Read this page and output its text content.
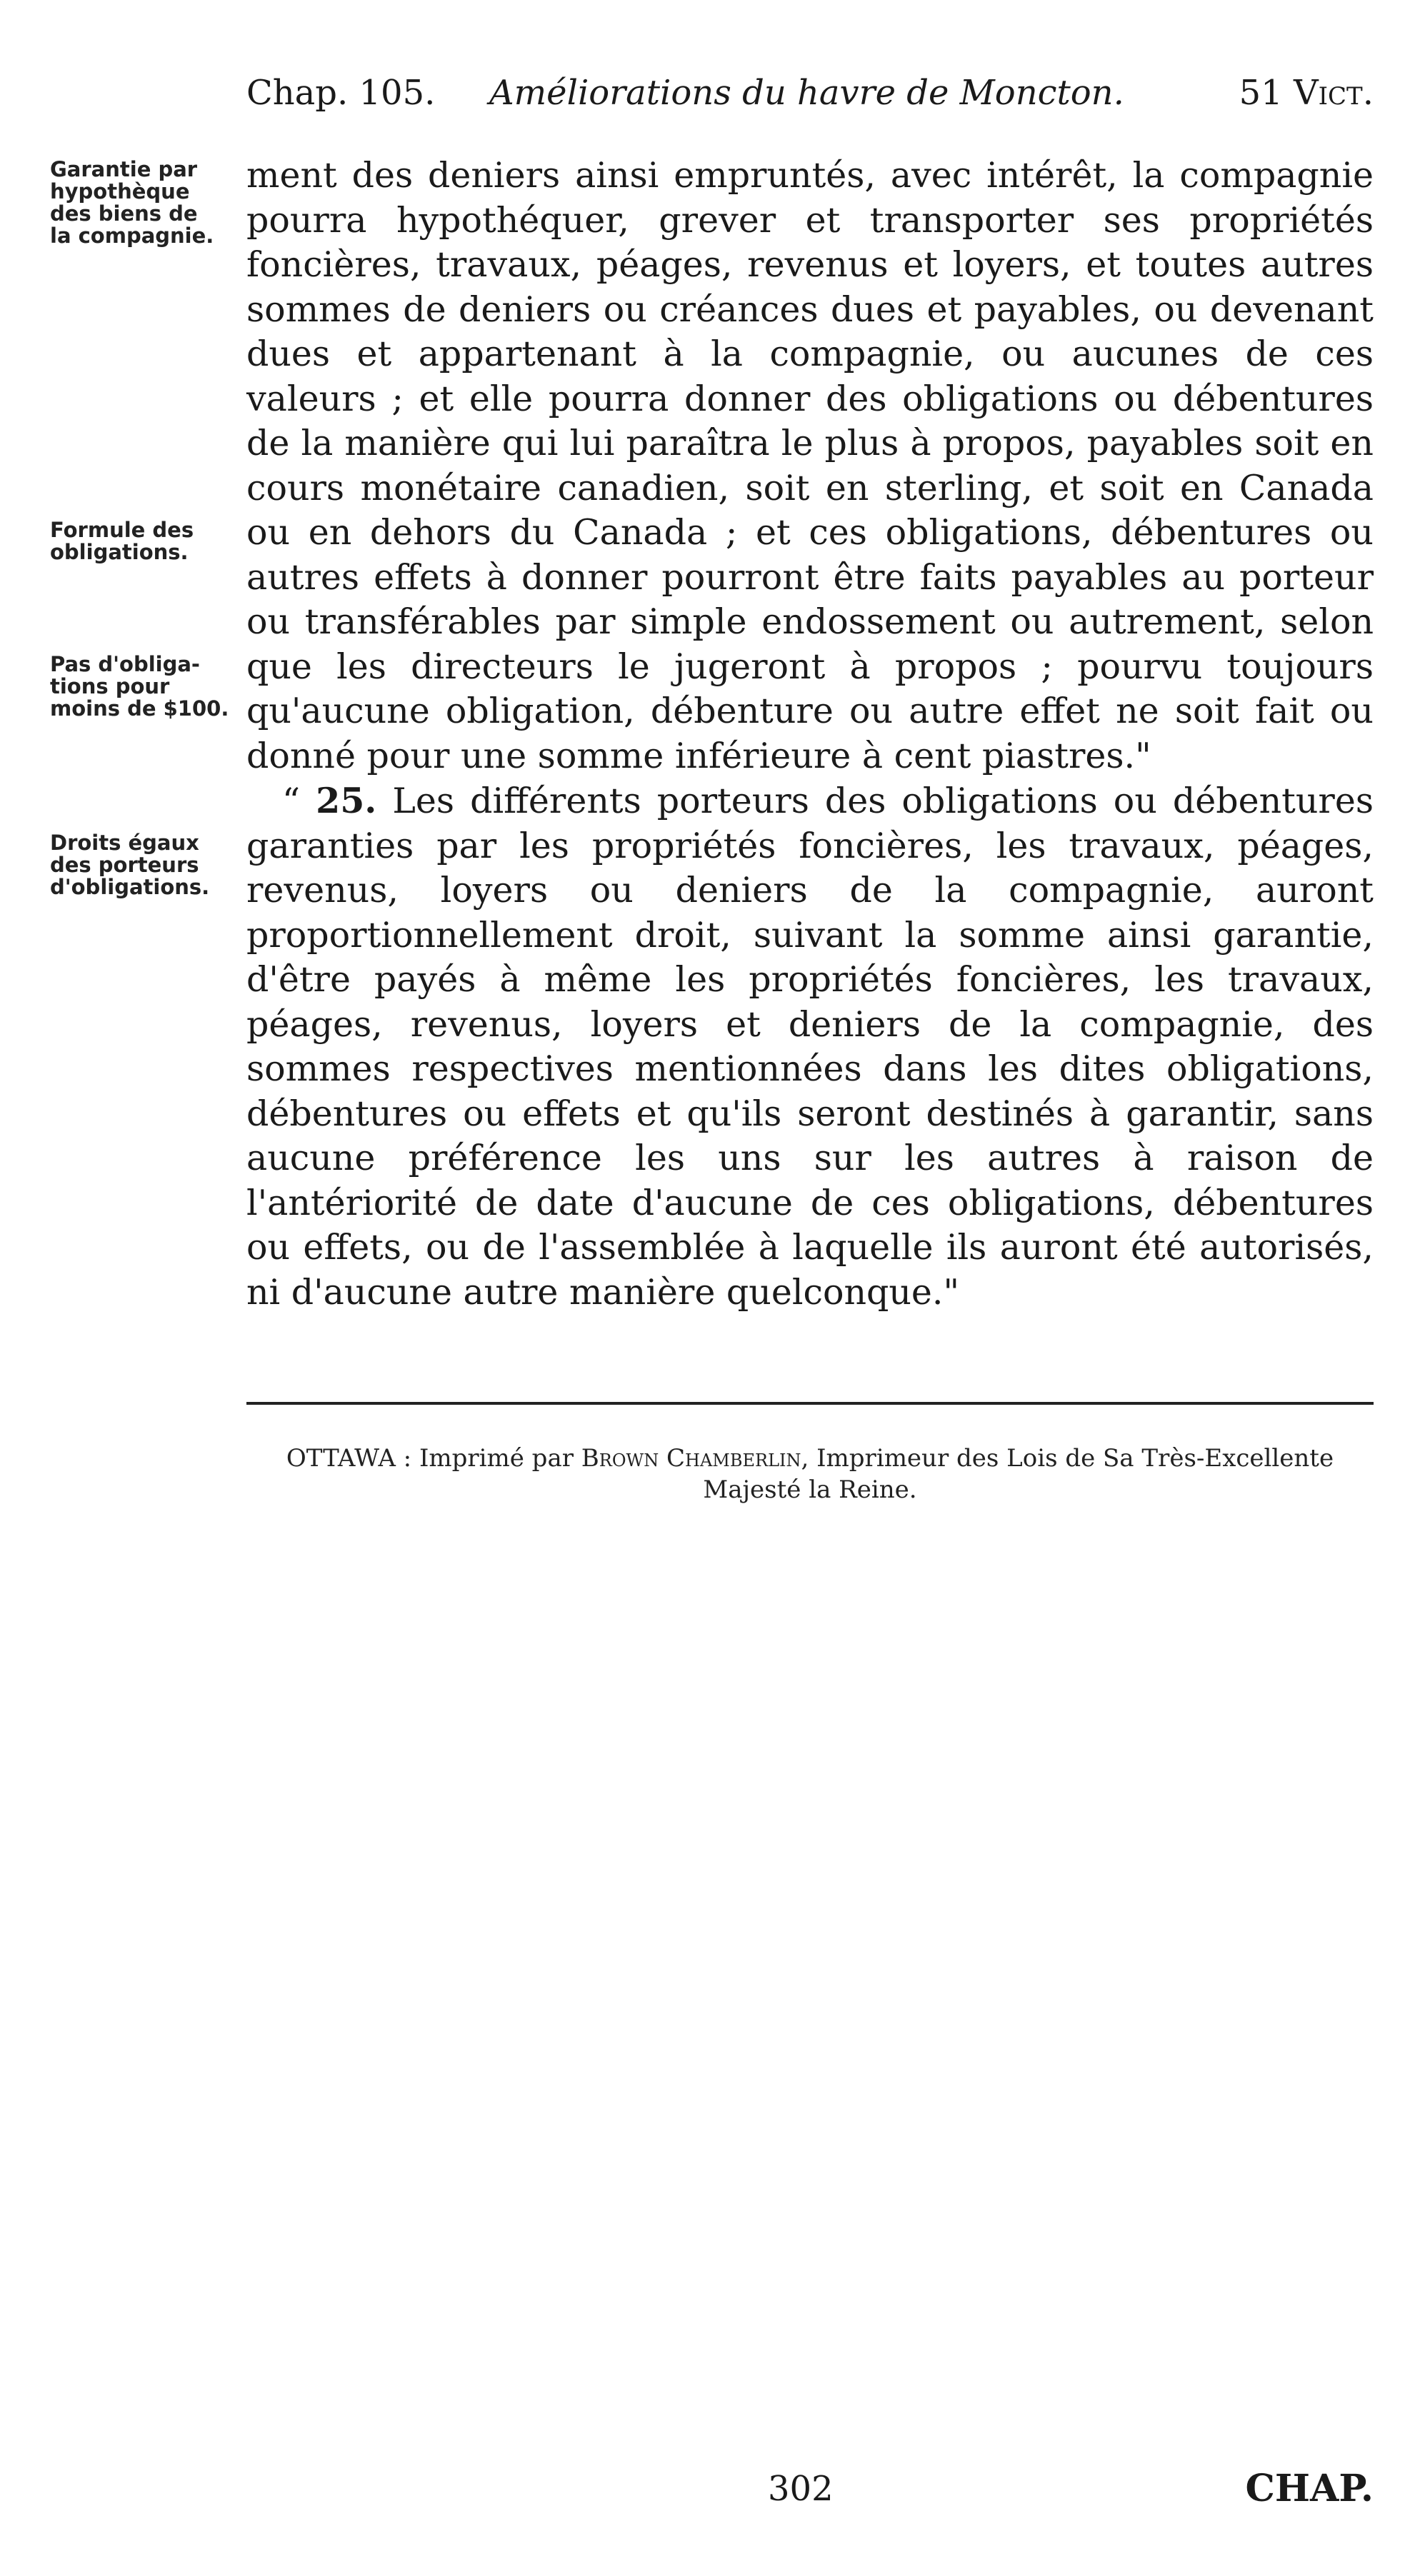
Chap. 105. Améliorations du havre de Moncton.	51 Vict.
Garantie par
hypothèque
des biens de
la compagnie.
Formule des
obligations.
Pas d'obliga-
tions pour
moins de $100.
Droits égaux
des porteurs
d'obligations.

ment des deniers ainsi empruntés, avec intérêt, la compagnie pourra hypothéquer, grever et transporter ses propriétés foncières, travaux, péages, revenus et loyers, et toutes autres sommes de deniers ou créances dues et payables, ou devenant dues et appartenant à la compagnie, ou aucunes de ces valeurs ; et elle pourra donner des obligations ou débentures de la manière qui lui paraîtra le plus à propos, payables soit en cours monétaire canadien, soit en sterling, et soit en Canada ou en dehors du Canada ; et ces obligations, débentures ou autres effets à donner pourront être faits payables au porteur ou transférables par simple endossement ou autrement, selon que les directeurs le jugeront à propos ; pourvu toujours qu'aucune obligation, débenture ou autre effet ne soit fait ou donné pour une somme inférieure à cent piastres."

“ 25. Les différents porteurs des obligations ou débentures garanties par les propriétés foncières, les travaux, péages, revenus, loyers ou deniers de la compagnie, auront proportionnellement droit, suivant la somme ainsi garantie, d'être payés à même les propriétés foncières, les travaux, péages, revenus, loyers et deniers de la compagnie, des sommes respectives mentionnées dans les dites obligations, débentures ou effets et qu'ils seront destinés à garantir, sans aucune préférence les uns sur les autres à raison de l'antériorité de date d'aucune de ces obligations, débentures ou effets, ou de l'assemblée à laquelle ils auront été autorisés, ni d'aucune autre manière quelconque."

OTTAWA : Imprimé par Brown Chamberlin, Imprimeur des Lois de Sa Très-Excellente Majesté la Reine.
302	CHAP.
